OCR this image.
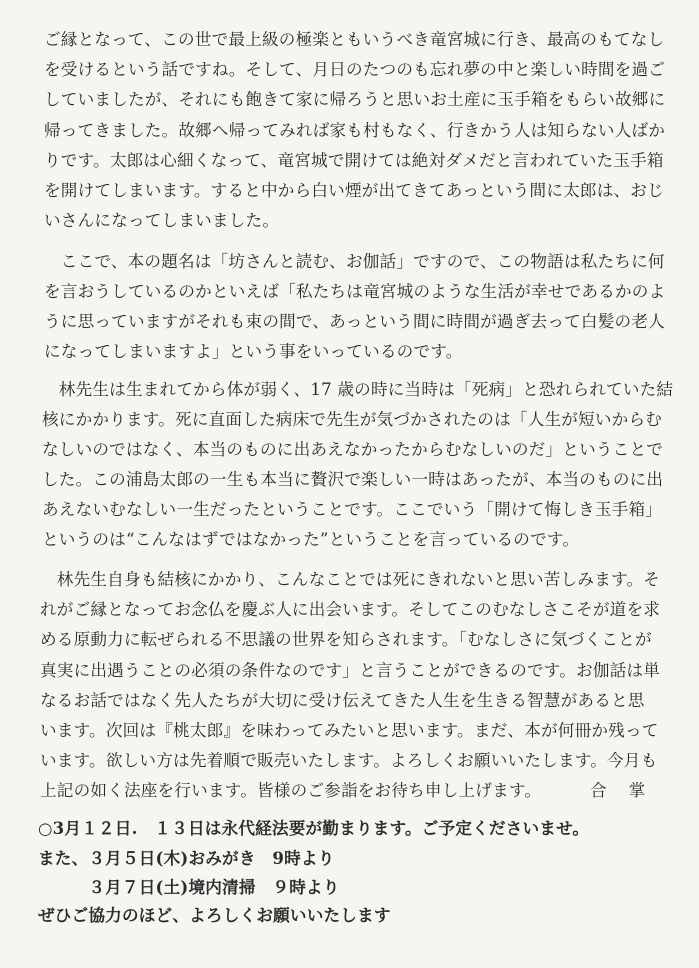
ご縁となって、この世で最上級の極楽ともいうべき竜宮城に行き、最高のもてなし
を受けるという話ですね。そして、月日のたつのも忘れ夢の中と楽しい時間を過ご
していましたが、それにも飽きて家に帰ろうと思いお土産に玉手箱をもらい故郷に
帰ってきました。故郷へ帰ってみれば家も村もなく、行きかう人は知らない人ばか
りです。太郎は心細くなって、竜宮城で開けては絶対ダメだと言われていた玉手箱
を開けてしまいます。すると中から白い煙が出てきてあっという間に太郎は、おじ
いさんになってしまいました。
　ここで、本の題名は「坊さんと読む、お伽話」ですので、この物語は私たちに何
を言おうしているのかといえば「私たちは竜宮城のような生活が幸せであるかのよ
うに思っていますがそれも束の間で、あっという間に時間が過ぎ去って白髪の老人
になってしまいますよ」という事をいっているのです。
　林先生は生まれてから体が弱く、17 歳の時に当時は「死病」と恐れられていた結
核にかかります。死に直面した病床で先生が気づかされたのは「人生が短いからむ
なしいのではなく、本当のものに出あえなかったからむなしいのだ」ということで
した。この浦島太郎の一生も本当に贅沢で楽しい一時はあったが、本当のものに出
あえないむなしい一生だったということです。ここでいう「開けて悔しき玉手箱」
というのは“こんなはずではなかった”ということを言っているのです。
　林先生自身も結核にかかり、こんなことでは死にきれないと思い苦しみます。そ
れがご縁となってお念仏を慶ぶ人に出会います。そしてこのむなしさこそが道を求
める原動力に転ぜられる不思議の世界を知らされます。「むなしさに気づくことが
真実に出遇うことの必須の条件なのです」と言うことができるのです。お伽話は単
なるお話ではなく先人たちが大切に受け伝えてきた人生を生きる智慧があると思
います。次回は『桃太郎』を味わってみたいと思います。まだ、本が何冊か残って
います。欲しい方は先着順で販売いたします。よろしくお願いいたします。今月も
上記の如く法座を行います。皆様のご参詣をお待ち申し上げます。	合掌
○3月１２日.　１３日は永代経法要が勤まります。ご予定くださいませ。
また、３月５日(木)おみがき　9時より
　　　３月７日(土)境内清掃　９時より
ぜひご協力のほど、よろしくお願いいたします
